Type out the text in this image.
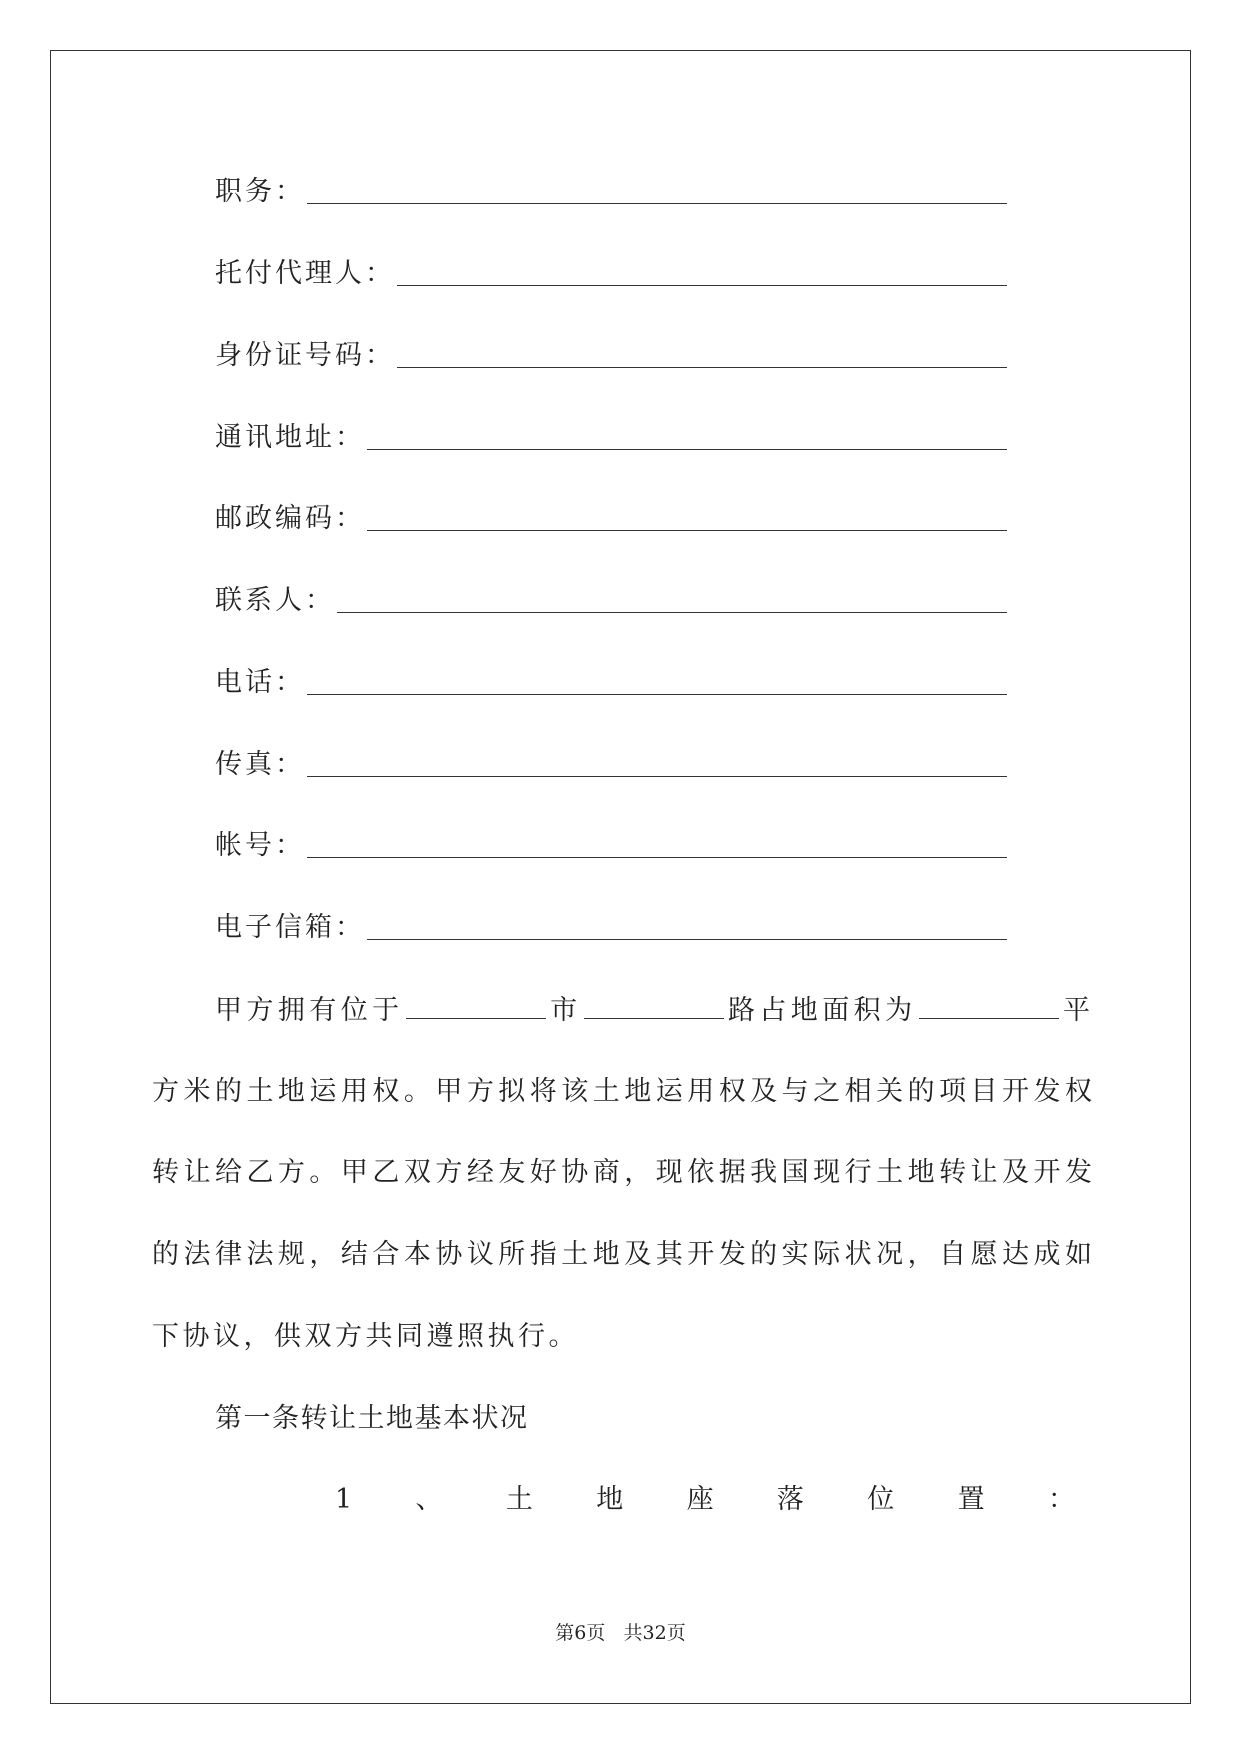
职务：
托付代理人：
身份证号码：
通讯地址：
邮政编码：
联系人：
电话：
传真：
帐号：
电子信箱：
甲方拥有位于	市	路占地面积为	平
方米的土地运用权。甲方拟将该土地运用权及与之相关的项目开发权
转让给乙方。甲乙双方经友好协商，现依据我国现行土地转让及开发
的法律法规，结合本协议所指土地及其开发的实际状况，自愿达成如
下协议，供双方共同遵照执行。
第一条转让土地基本状况
1 、 土 地 座 落 位 置 ：
第6页 共32页
